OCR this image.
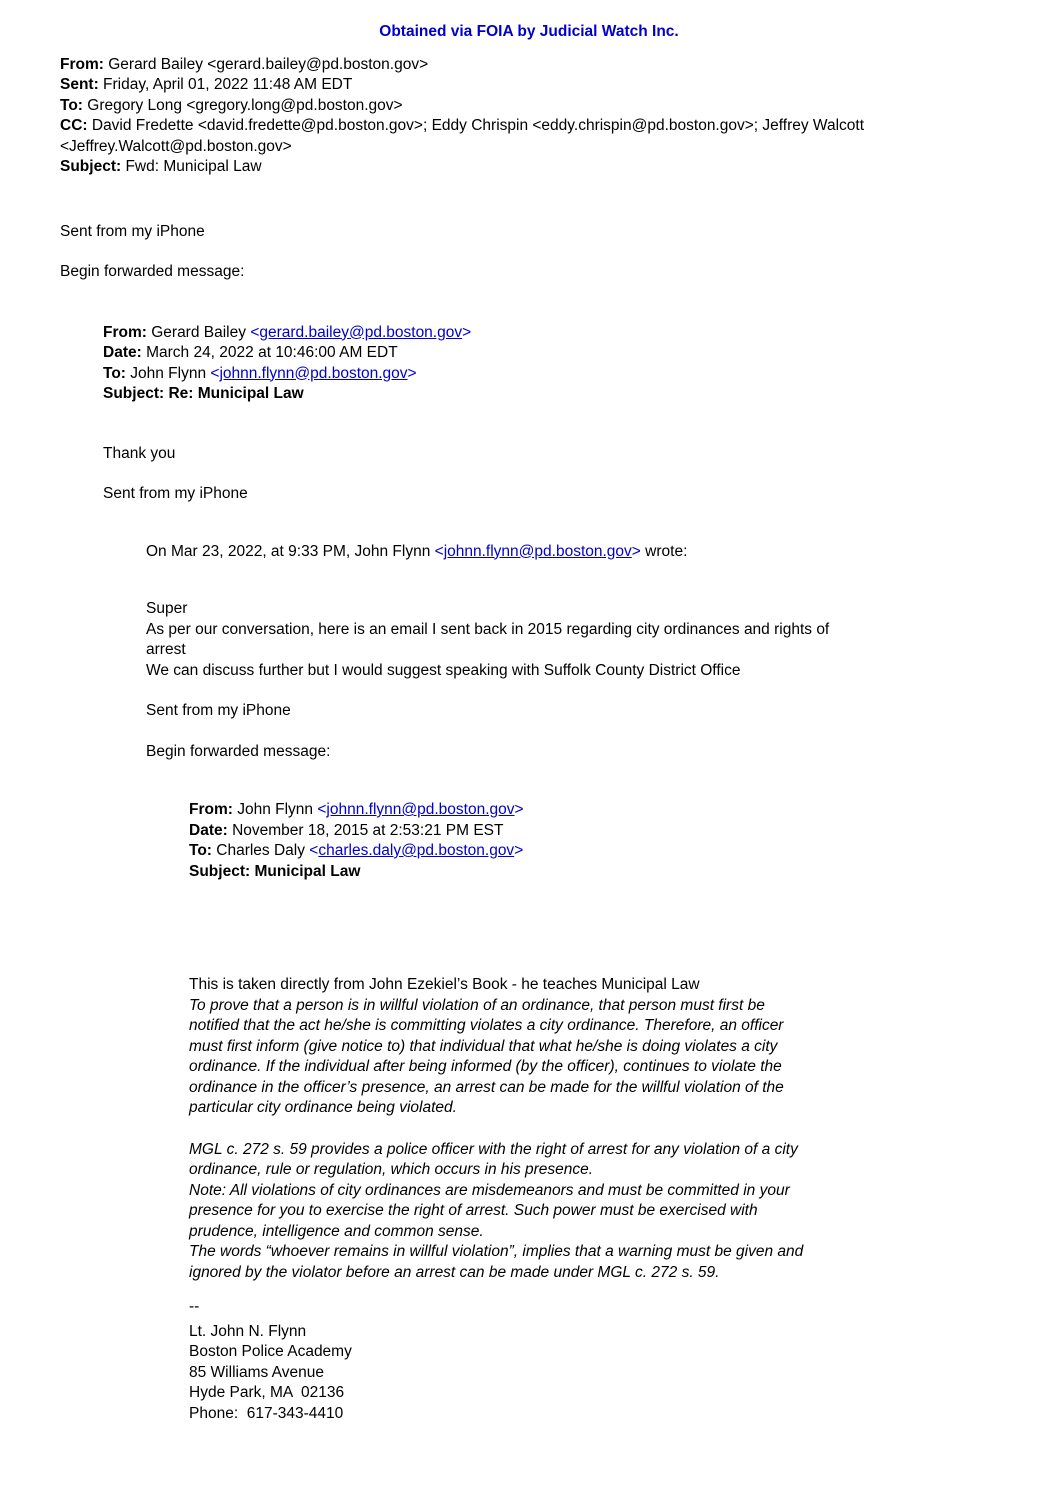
Obtained via FOIA by Judicial Watch Inc.
From: Gerard Bailey <gerard.bailey@pd.boston.gov>
Sent: Friday, April 01, 2022 11:48 AM EDT
To: Gregory Long <gregory.long@pd.boston.gov>
CC: David Fredette <david.fredette@pd.boston.gov>; Eddy Chrispin <eddy.chrispin@pd.boston.gov>; Jeffrey Walcott
<Jeffrey.Walcott@pd.boston.gov>
Subject: Fwd: Municipal Law
Sent from my iPhone
Begin forwarded message:
From: Gerard Bailey <gerard.bailey@pd.boston.gov>
Date: March 24, 2022 at 10:46:00 AM EDT
To: John Flynn <johnn.flynn@pd.boston.gov>
Subject: Re: Municipal Law
Thank you
Sent from my iPhone
On Mar 23, 2022, at 9:33 PM, John Flynn <johnn.flynn@pd.boston.gov> wrote:
Super
As per our conversation, here is an email I sent back in 2015 regarding city ordinances and rights of
arrest
We can discuss further but I would suggest speaking with Suffolk County District Office
Sent from my iPhone
Begin forwarded message:
From: John Flynn <johnn.flynn@pd.boston.gov>
Date: November 18, 2015 at 2:53:21 PM EST
To: Charles Daly <charles.daly@pd.boston.gov>
Subject: Municipal Law
This is taken directly from John Ezekiel’s Book - he teaches Municipal Law
To prove that a person is in willful violation of an ordinance, that person must first be
notified that the act he/she is committing violates a city ordinance. Therefore, an officer
must first inform (give notice to) that individual that what he/she is doing violates a city
ordinance. If the individual after being informed (by the officer), continues to violate the
ordinance in the officer’s presence, an arrest can be made for the willful violation of the
particular city ordinance being violated.
MGL c. 272 s. 59 provides a police officer with the right of arrest for any violation of a city
ordinance, rule or regulation, which occurs in his presence.
Note: All violations of city ordinances are misdemeanors and must be committed in your
presence for you to exercise the right of arrest. Such power must be exercised with
prudence, intelligence and common sense.
The words “whoever remains in willful violation”, implies that a warning must be given and
ignored by the violator before an arrest can be made under MGL c. 272 s. 59.
--
Lt. John N. Flynn
Boston Police Academy
85 Williams Avenue
Hyde Park, MA  02136
Phone:  617-343-4410
